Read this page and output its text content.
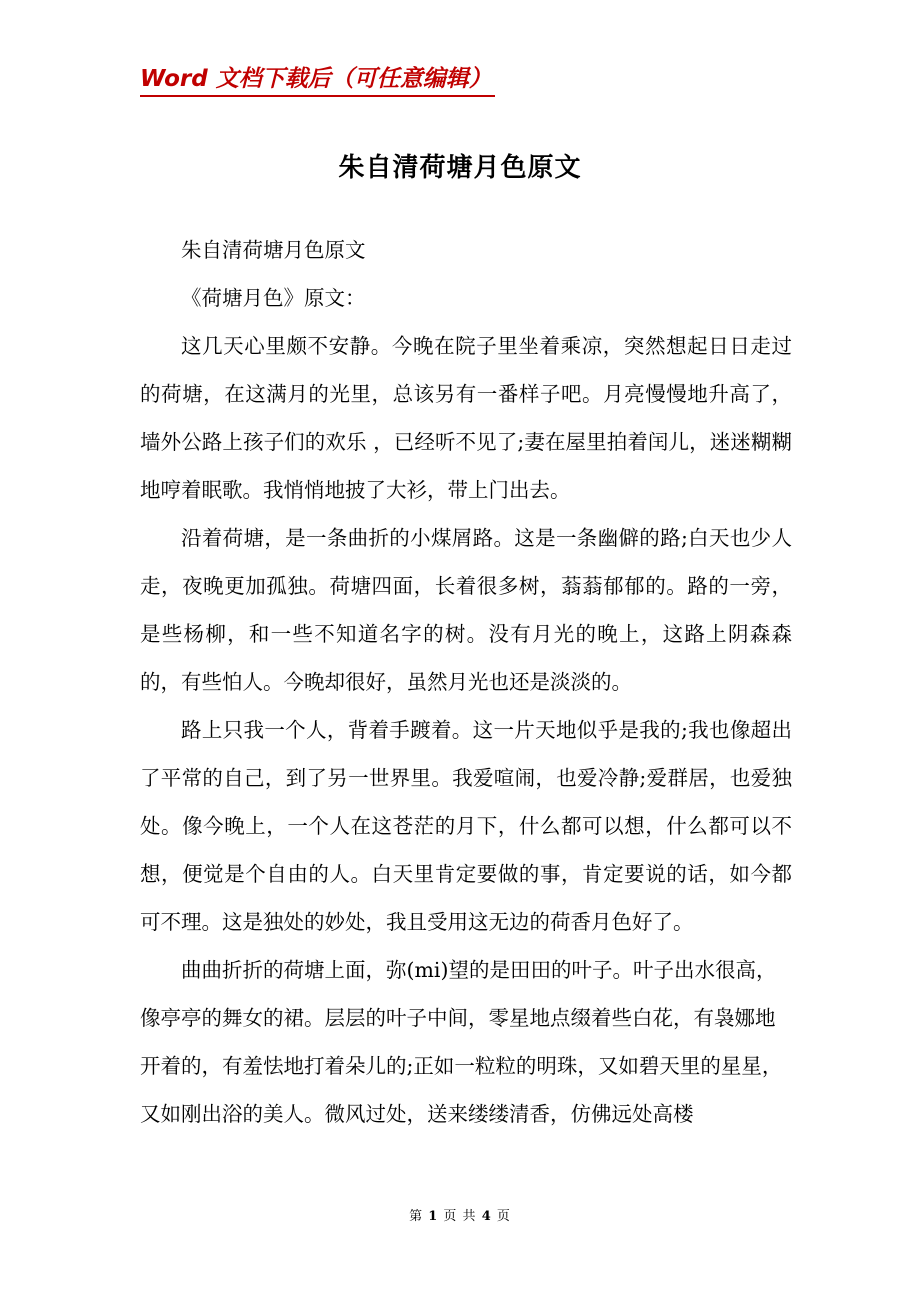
Word 文档下载后（可任意编辑）
朱自清荷塘月色原文

朱自清荷塘月色原文

《荷塘月色》原文：

这几天心里颇不安静。今晚在院子里坐着乘凉，突然想起日日走过的荷塘，在这满月的光里，总该另有一番样子吧。月亮慢慢地升高了，墙外公路上孩子们的欢乐 ，已经听不见了;妻在屋里拍着闰儿，迷迷糊糊地哼着眠歌。我悄悄地披了大衫，带上门出去。

沿着荷塘，是一条曲折的小煤屑路。这是一条幽僻的路;白天也少人走，夜晚更加孤独。荷塘四面，长着很多树，蓊蓊郁郁的。路的一旁，是些杨柳，和一些不知道名字的树。没有月光的晚上，这路上阴森森的，有些怕人。今晚却很好，虽然月光也还是淡淡的。

路上只我一个人，背着手踱着。这一片天地似乎是我的;我也像超出了平常的自己，到了另一世界里。我爱喧闹，也爱冷静;爱群居，也爱独处。像今晚上，一个人在这苍茫的月下，什么都可以想，什么都可以不想，便觉是个自由的人。白天里肯定要做的事，肯定要说的话，如今都可不理。这是独处的妙处，我且受用这无边的荷香月色好了。

曲曲折折的荷塘上面，弥(mi)望的是田田的叶子。叶子出水很高，像亭亭的舞女的裙。层层的叶子中间，零星地点缀着些白花，有袅娜地开着的，有羞怯地打着朵儿的;正如一粒粒的明珠，又如碧天里的星星，又如刚出浴的美人。微风过处，送来缕缕清香，仿佛远处高楼

第 1 页 共 4 页
